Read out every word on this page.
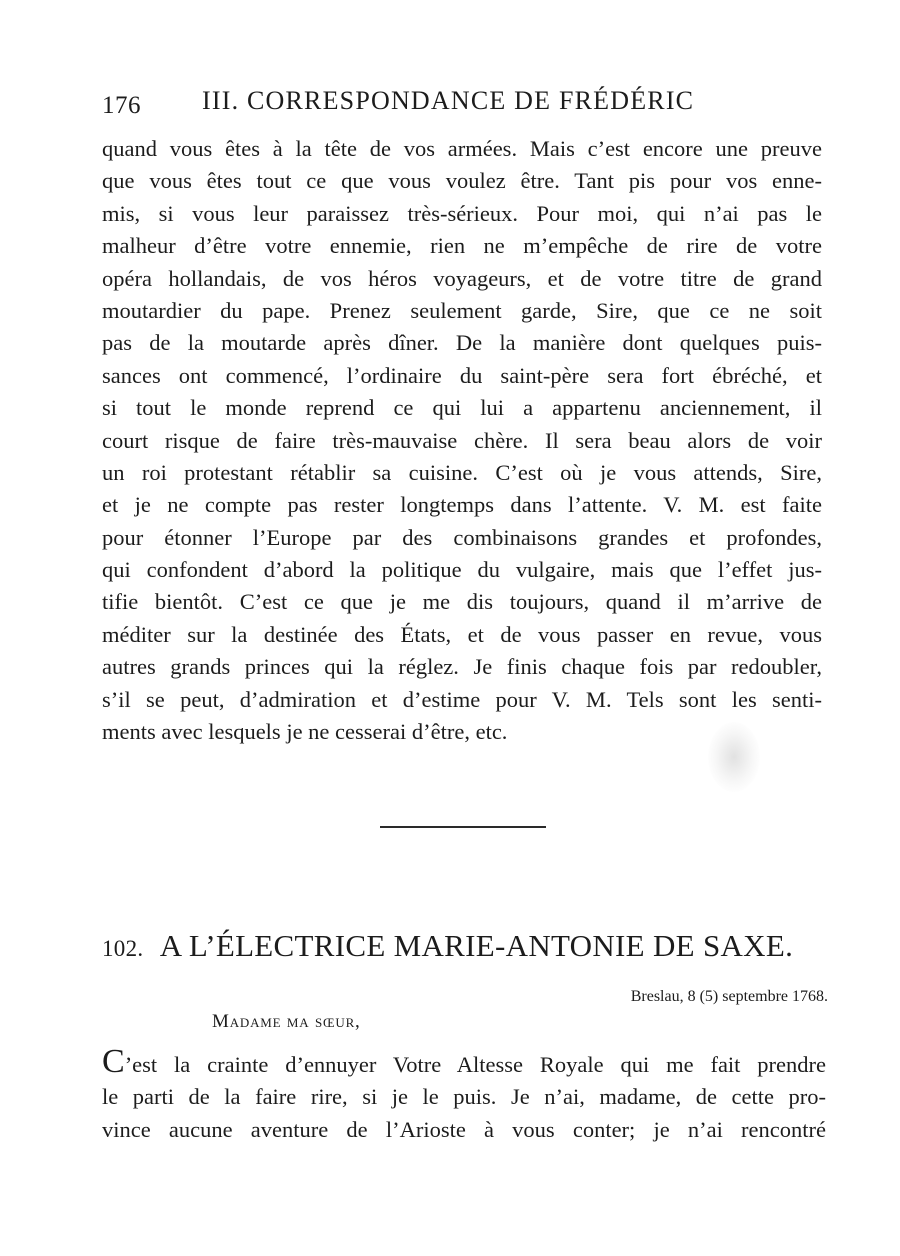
176 III. CORRESPONDANCE DE FRÉDÉRIC
quand vous êtes à la tête de vos armées. Mais c’est encore une preuve
que vous êtes tout ce que vous voulez être. Tant pis pour vos enne-
mis, si vous leur paraissez très-sérieux. Pour moi, qui n’ai pas le
malheur d’être votre ennemie, rien ne m’empêche de rire de votre
opéra hollandais, de vos héros voyageurs, et de votre titre de grand
moutardier du pape. Prenez seulement garde, Sire, que ce ne soit
pas de la moutarde après dîner. De la manière dont quelques puis-
sances ont commencé, l’ordinaire du saint-père sera fort ébréché, et
si tout le monde reprend ce qui lui a appartenu anciennement, il
court risque de faire très-mauvaise chère. Il sera beau alors de voir
un roi protestant rétablir sa cuisine. C’est où je vous attends, Sire,
et je ne compte pas rester longtemps dans l’attente. V. M. est faite
pour étonner l’Europe par des combinaisons grandes et profondes,
qui confondent d’abord la politique du vulgaire, mais que l’effet jus-
tifie bientôt. C’est ce que je me dis toujours, quand il m’arrive de
méditer sur la destinée des États, et de vous passer en revue, vous
autres grands princes qui la réglez. Je finis chaque fois par redoubler,
s’il se peut, d’admiration et d’estime pour V. M. Tels sont les senti-
ments avec lesquels je ne cesserai d’être, etc.
102. A L’ÉLECTRICE MARIE-ANTONIE DE SAXE.
Breslau, 8 (5) septembre 1768.
Madame ma sœur,
C’est la crainte d’ennuyer Votre Altesse Royale qui me fait prendre
le parti de la faire rire, si je le puis. Je n’ai, madame, de cette pro-
vince aucune aventure de l’Arioste à vous conter; je n’ai rencontré
